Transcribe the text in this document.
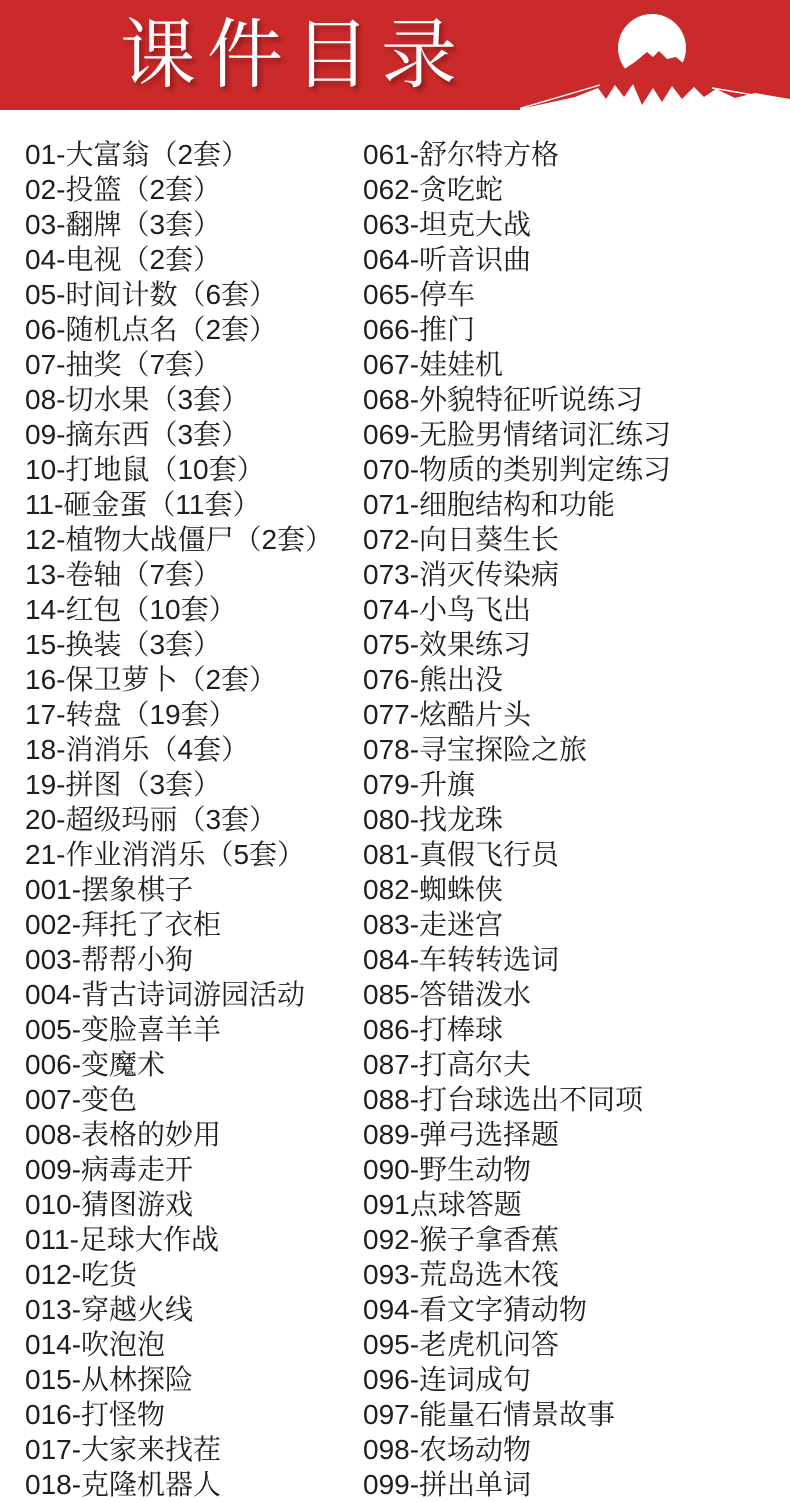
课件目录
01-大富翁（2套）
02-投篮（2套）
03-翻牌（3套）
04-电视（2套）
05-时间计数（6套）
06-随机点名（2套）
07-抽奖（7套）
08-切水果（3套）
09-摘东西（3套）
10-打地鼠（10套）
11-砸金蛋（11套）
12-植物大战僵尸（2套）
13-卷轴（7套）
14-红包（10套）
15-换装（3套）
16-保卫萝卜（2套）
17-转盘（19套）
18-消消乐（4套）
19-拼图（3套）
20-超级玛丽（3套）
21-作业消消乐（5套）
001-摆象棋子
002-拜托了衣柜
003-帮帮小狗
004-背古诗词游园活动
005-变脸喜羊羊
006-变魔术
007-变色
008-表格的妙用
009-病毒走开
010-猜图游戏
011-足球大作战
012-吃货
013-穿越火线
014-吹泡泡
015-从林探险
016-打怪物
017-大家来找茬
018-克隆机器人
061-舒尔特方格
062-贪吃蛇
063-坦克大战
064-听音识曲
065-停车
066-推门
067-娃娃机
068-外貌特征听说练习
069-无脸男情绪词汇练习
070-物质的类别判定练习
071-细胞结构和功能
072-向日葵生长
073-消灭传染病
074-小鸟飞出
075-效果练习
076-熊出没
077-炫酷片头
078-寻宝探险之旅
079-升旗
080-找龙珠
081-真假飞行员
082-蜘蛛侠
083-走迷宫
084-车转转选词
085-答错泼水
086-打棒球
087-打高尔夫
088-打台球选出不同项
089-弹弓选择题
090-野生动物
091点球答题
092-猴子拿香蕉
093-荒岛选木筏
094-看文字猜动物
095-老虎机问答
096-连词成句
097-能量石情景故事
098-农场动物
099-拼出单词
